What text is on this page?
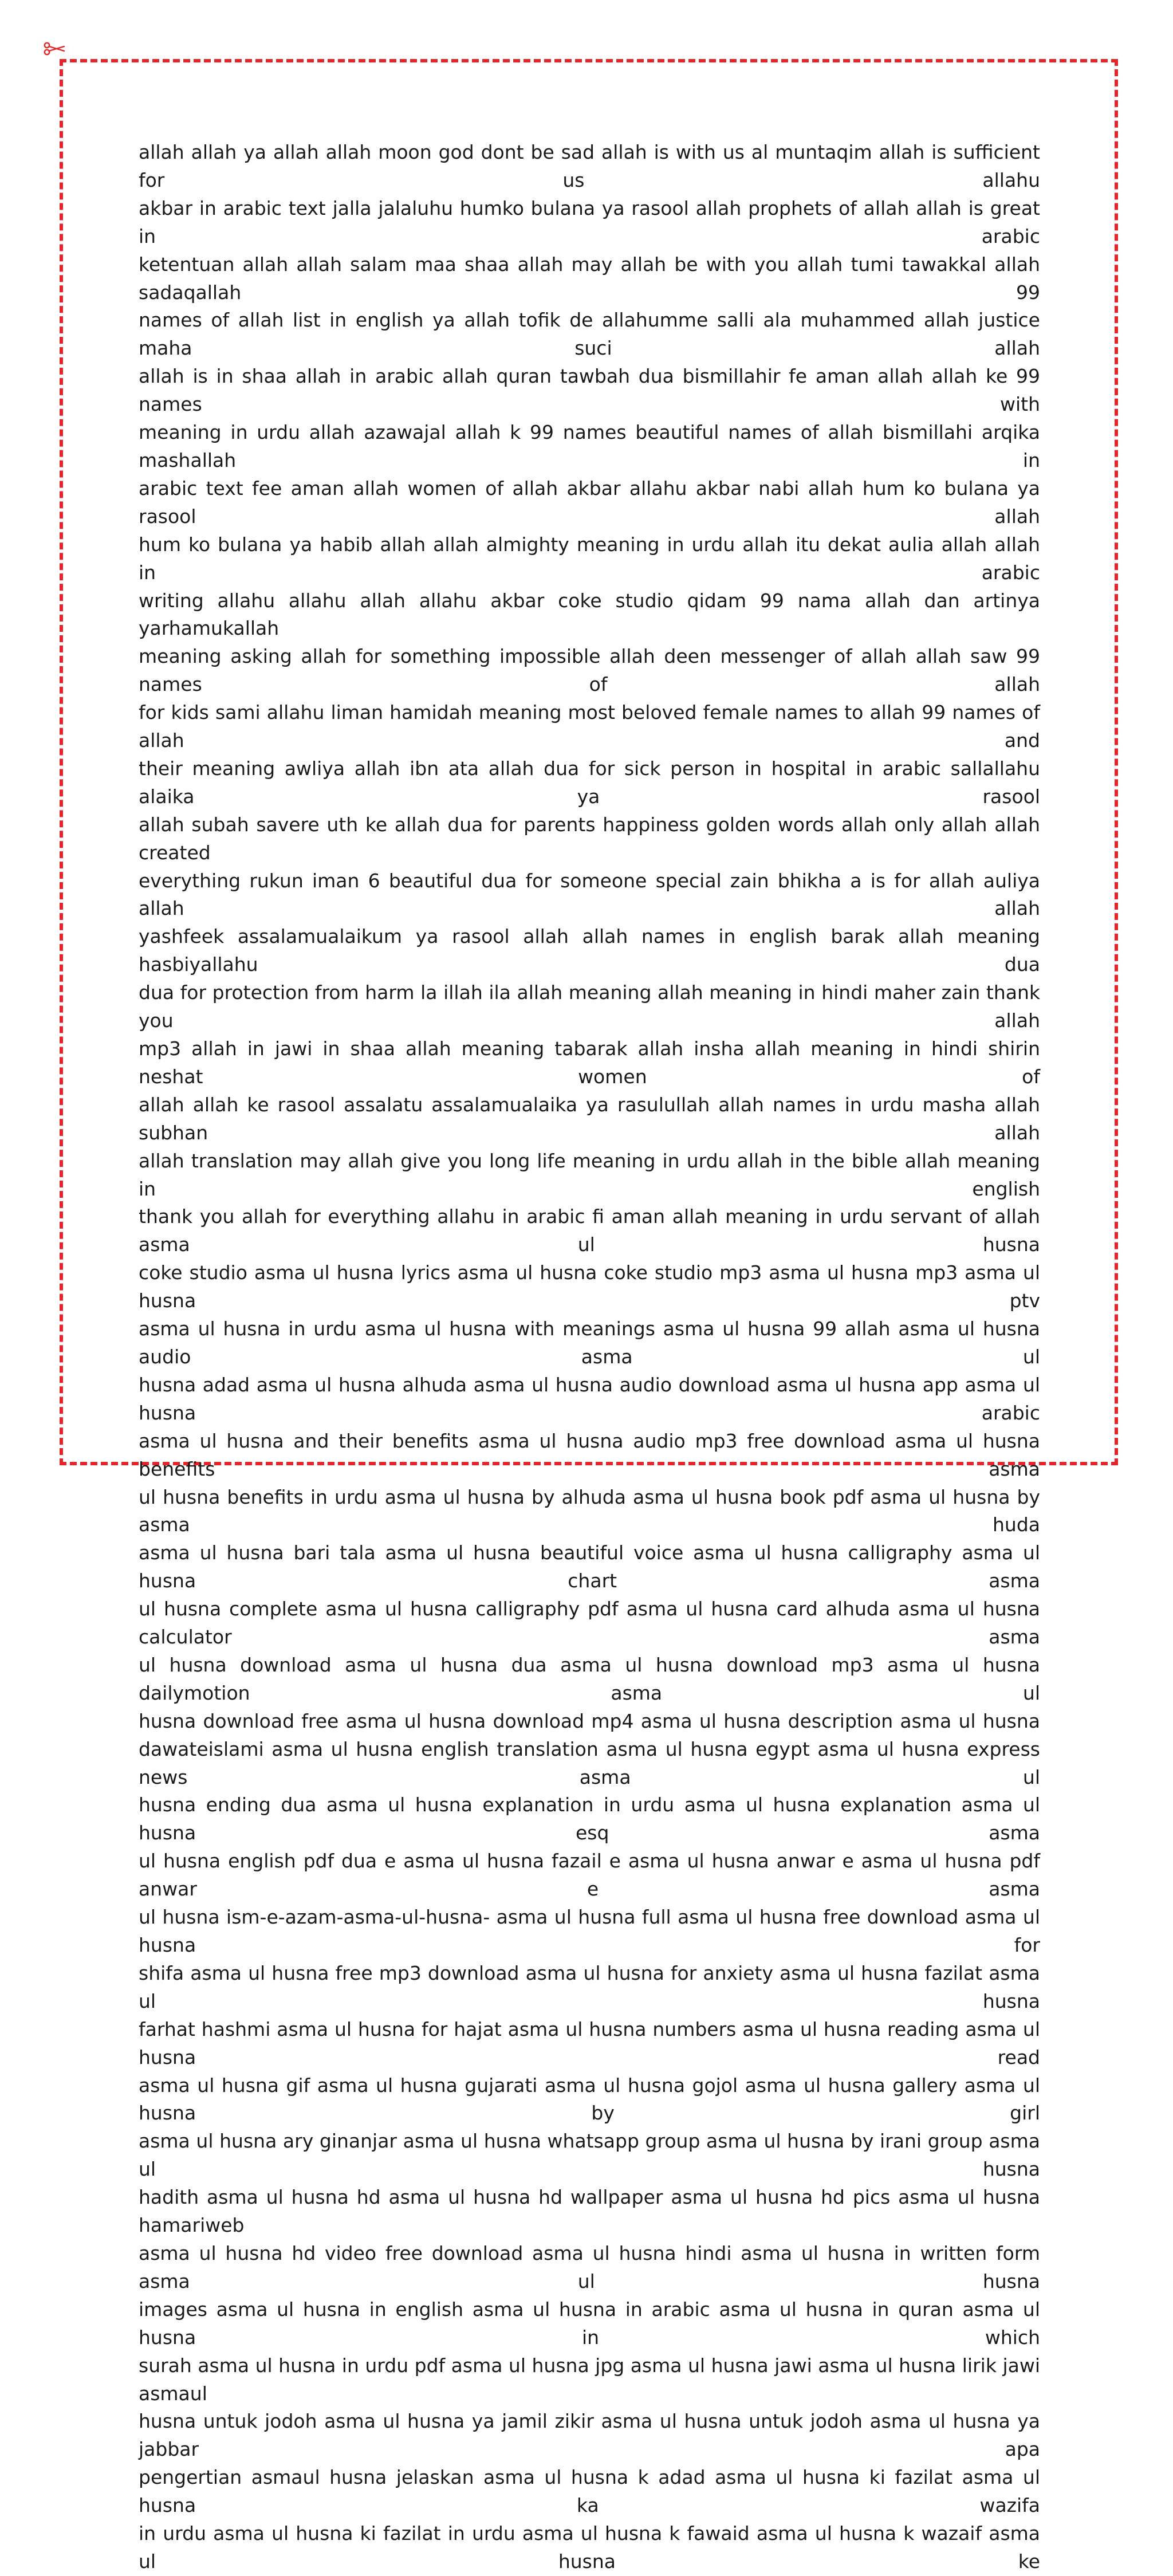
allah allah ya allah allah moon god dont be sad allah is with us al muntaqim allah is sufficient for us allahu
akbar in arabic text jalla jalaluhu humko bulana ya rasool allah prophets of allah allah is great in arabic
ketentuan allah allah salam maa shaa allah may allah be with you allah tumi tawakkal allah sadaqallah 99
names of allah list in english ya allah tofik de allahumme salli ala muhammed allah justice maha suci allah
allah is in shaa allah in arabic allah quran tawbah dua bismillahir fe aman allah allah ke 99 names with
meaning in urdu allah azawajal allah k 99 names beautiful names of allah bismillahi arqika mashallah in
arabic text fee aman allah women of allah akbar allahu akbar nabi allah hum ko bulana ya rasool allah
hum ko bulana ya habib allah allah almighty meaning in urdu allah itu dekat aulia allah allah in arabic
writing allahu allahu allah allahu akbar coke studio qidam 99 nama allah dan artinya yarhamukallah
meaning asking allah for something impossible allah deen messenger of allah allah saw 99 names of allah
for kids sami allahu liman hamidah meaning most beloved female names to allah 99 names of allah and
their meaning awliya allah ibn ata allah dua for sick person in hospital in arabic sallallahu alaika ya rasool
allah subah savere uth ke allah dua for parents happiness golden words allah only allah allah created
everything rukun iman 6 beautiful dua for someone special zain bhikha a is for allah auliya allah allah
yashfeek assalamualaikum ya rasool allah allah names in english barak allah meaning hasbiyallahu dua
dua for protection from harm la illah ila allah meaning allah meaning in hindi maher zain thank you allah
mp3 allah in jawi in shaa allah meaning tabarak allah insha allah meaning in hindi shirin neshat women of
allah allah ke rasool assalatu assalamualaika ya rasulullah allah names in urdu masha allah subhan allah
allah translation may allah give you long life meaning in urdu allah in the bible allah meaning in english
thank you allah for everything allahu in arabic fi aman allah meaning in urdu servant of allah asma ul husna
coke studio asma ul husna lyrics asma ul husna coke studio mp3 asma ul husna mp3 asma ul husna ptv
asma ul husna in urdu asma ul husna with meanings asma ul husna 99 allah asma ul husna audio asma ul
husna adad asma ul husna alhuda asma ul husna audio download asma ul husna app asma ul husna arabic
asma ul husna and their benefits asma ul husna audio mp3 free download asma ul husna benefits asma
ul husna benefits in urdu asma ul husna by alhuda asma ul husna book pdf asma ul husna by asma huda
asma ul husna bari tala asma ul husna beautiful voice asma ul husna calligraphy asma ul husna chart asma
ul husna complete asma ul husna calligraphy pdf asma ul husna card alhuda asma ul husna calculator asma
ul husna download asma ul husna dua asma ul husna download mp3 asma ul husna dailymotion asma ul
husna download free asma ul husna download mp4 asma ul husna description asma ul husna
dawateislami asma ul husna english translation asma ul husna egypt asma ul husna express news asma ul
husna ending dua asma ul husna explanation in urdu asma ul husna explanation asma ul husna esq asma
ul husna english pdf dua e asma ul husna fazail e asma ul husna anwar e asma ul husna pdf anwar e asma
ul husna ism-e-azam-asma-ul-husna- asma ul husna full asma ul husna free download asma ul husna for
shifa asma ul husna free mp3 download asma ul husna for anxiety asma ul husna fazilat asma ul husna
farhat hashmi asma ul husna for hajat asma ul husna numbers asma ul husna reading asma ul husna read
asma ul husna gif asma ul husna gujarati asma ul husna gojol asma ul husna gallery asma ul husna by girl
asma ul husna ary ginanjar asma ul husna whatsapp group asma ul husna by irani group asma ul husna
hadith asma ul husna hd asma ul husna hd wallpaper asma ul husna hd pics asma ul husna hamariweb
asma ul husna hd video free download asma ul husna hindi asma ul husna in written form asma ul husna
images asma ul husna in english asma ul husna in arabic asma ul husna in quran asma ul husna in which
surah asma ul husna in urdu pdf asma ul husna jpg asma ul husna jawi asma ul husna lirik jawi asmaul
husna untuk jodoh asma ul husna ya jamil zikir asma ul husna untuk jodoh asma ul husna ya jabbar apa
pengertian asmaul husna jelaskan asma ul husna k adad asma ul husna ki fazilat asma ul husna ka wazifa
in urdu asma ul husna ki fazilat in urdu asma ul husna k fawaid asma ul husna k wazaif asma ul husna ke
